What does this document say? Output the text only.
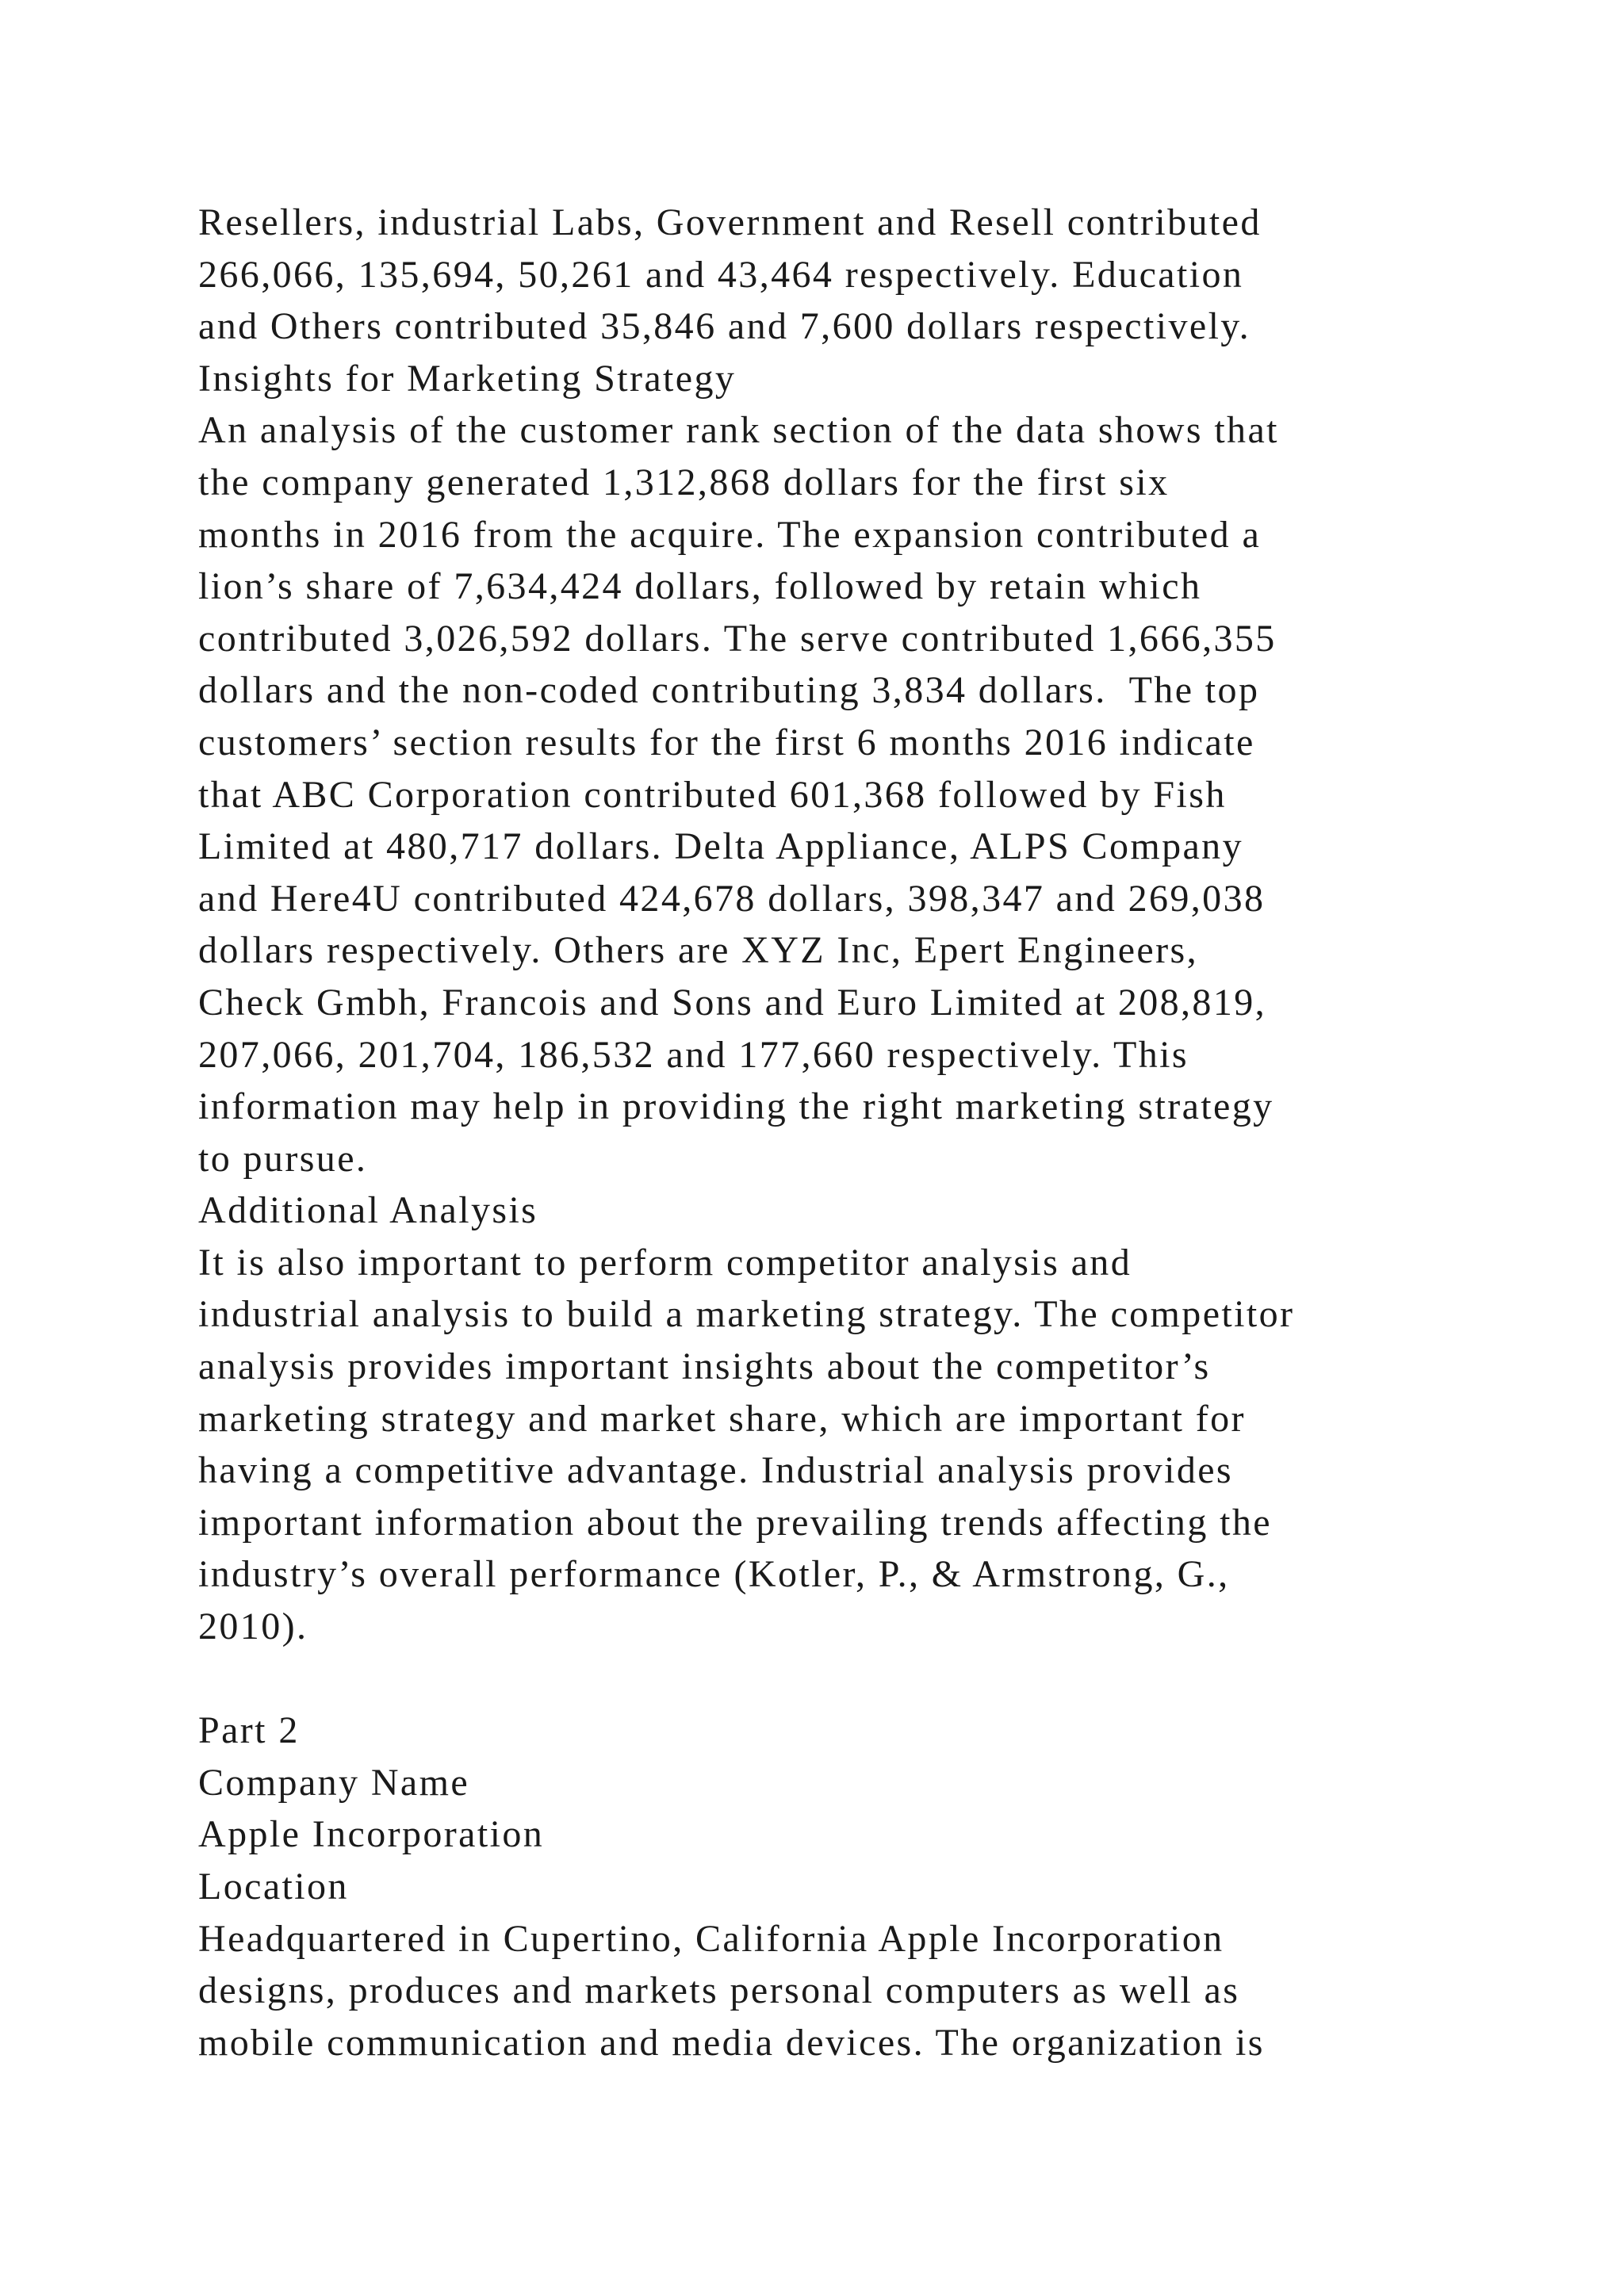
Resellers, industrial Labs, Government and Resell contributed
266,066, 135,694, 50,261 and 43,464 respectively. Education
and Others contributed 35,846 and 7,600 dollars respectively.
Insights for Marketing Strategy
An analysis of the customer rank section of the data shows that
the company generated 1,312,868 dollars for the first six
months in 2016 from the acquire. The expansion contributed a
lion’s share of 7,634,424 dollars, followed by retain which
contributed 3,026,592 dollars. The serve contributed 1,666,355
dollars and the non-coded contributing 3,834 dollars.  The top
customers’ section results for the first 6 months 2016 indicate
that ABC Corporation contributed 601,368 followed by Fish
Limited at 480,717 dollars. Delta Appliance, ALPS Company
and Here4U contributed 424,678 dollars, 398,347 and 269,038
dollars respectively. Others are XYZ Inc, Epert Engineers,
Check Gmbh, Francois and Sons and Euro Limited at 208,819,
207,066, 201,704, 186,532 and 177,660 respectively. This
information may help in providing the right marketing strategy
to pursue.
Additional Analysis
It is also important to perform competitor analysis and
industrial analysis to build a marketing strategy. The competitor
analysis provides important insights about the competitor’s
marketing strategy and market share, which are important for
having a competitive advantage. Industrial analysis provides
important information about the prevailing trends affecting the
industry’s overall performance (Kotler, P., & Armstrong, G.,
2010).
Part 2
Company Name
Apple Incorporation
Location
Headquartered in Cupertino, California Apple Incorporation
designs, produces and markets personal computers as well as
mobile communication and media devices. The organization is
